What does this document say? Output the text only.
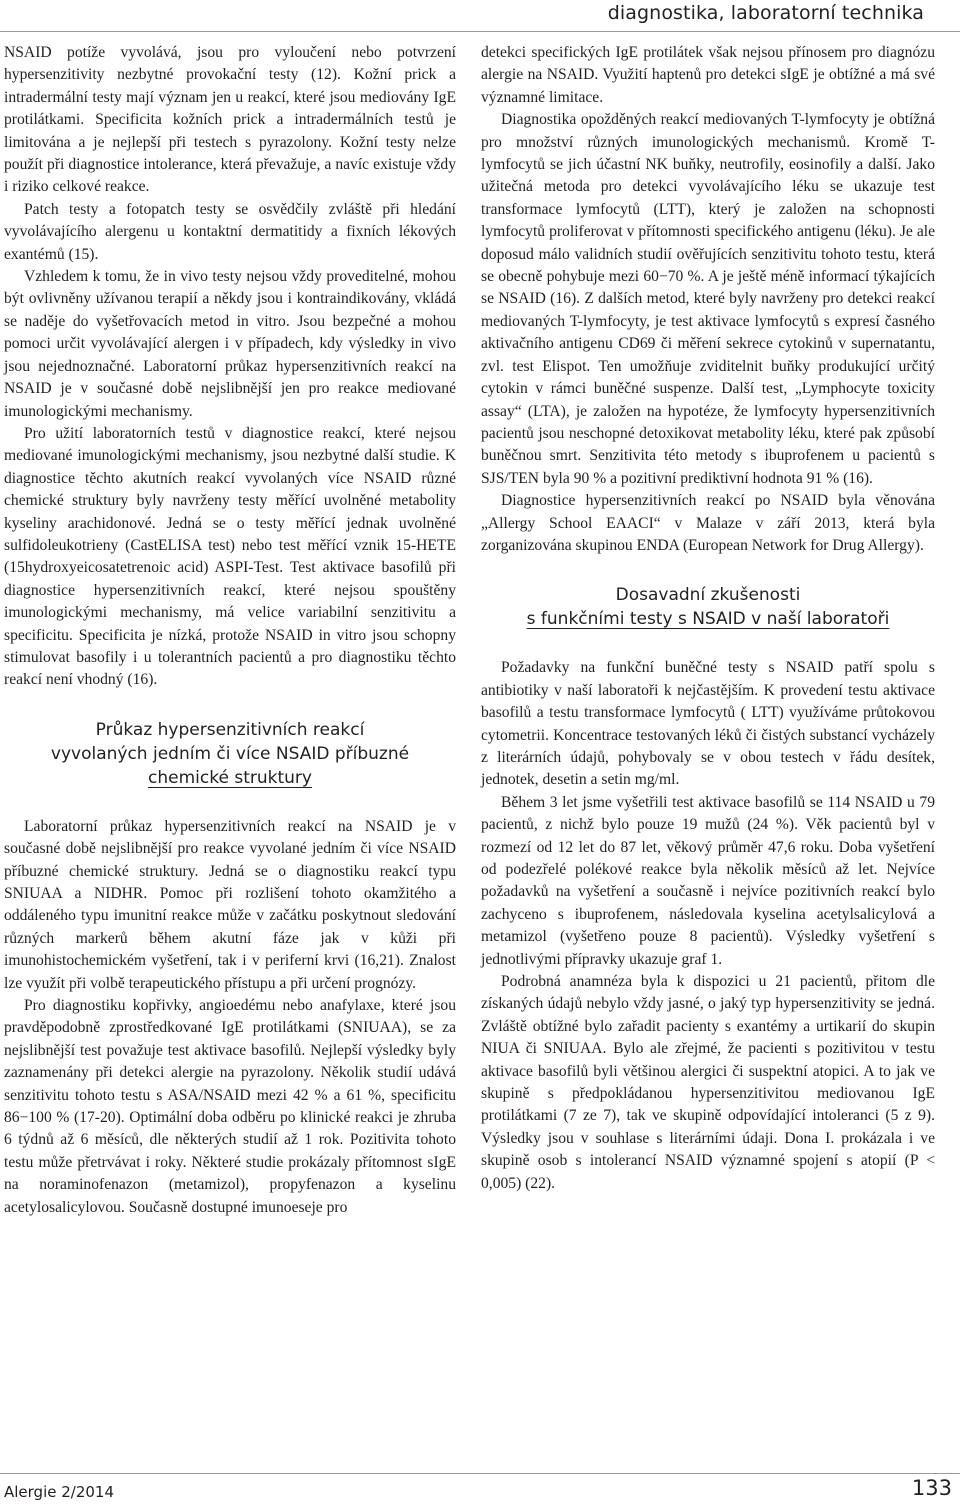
diagnostika, laboratorní technika

NSAID potíže vyvolává, jsou pro vyloučení nebo potvrzení hypersenzitivity nezbytné provokační testy (12). Kožní prick a intradermální testy mají význam jen u reakcí, které jsou mediovány IgE protilátkami. Specificita kožních prick a intradermálních testů je limitována a je nejlepší při testech s pyrazolony. Kožní testy nelze použít při diagnostice intolerance, která převažuje, a navíc existuje vždy i riziko celkové reakce.

Patch testy a fotopatch testy se osvědčily zvláště při hledání vyvolávajícího alergenu u kontaktní dermatitidy a fixních lékových exantémů (15).

Vzhledem k tomu, že in vivo testy nejsou vždy proveditelné, mohou být ovlivněny užívanou terapií a někdy jsou i kontraindikovány, vkládá se naděje do vyšetřovacích metod in vitro. Jsou bezpečné a mohou pomoci určit vyvolávající alergen i v případech, kdy výsledky in vivo jsou nejednoznačné. Laboratorní průkaz hypersenzitivních reakcí na NSAID je v současné době nejslibnější jen pro reakce mediované imunologickými mechanismy.

Pro užití laboratorních testů v diagnostice reakcí, které nejsou mediované imunologickými mechanismy, jsou nezbytné další studie. K diagnostice těchto akutních reakcí vyvolaných více NSAID různé chemické struktury byly navrženy testy měřící uvolněné metabolity kyseliny arachidonové. Jedná se o testy měřící jednak uvolněné sulfidoleukotrieny (CastELISA test) nebo test měřící vznik 15-HETE (15hydroxyeicosatetrenoic acid) ASPI-Test. Test aktivace basofilů při diagnostice hypersenzitivních reakcí, které nejsou spouštěny imunologickými mechanismy, má velice variabilní senzitivitu a specificitu. Specificita je nízká, protože NSAID in vitro jsou schopny stimulovat basofily i u tolerantních pacientů a pro diagnostiku těchto reakcí není vhodný (16).

Průkaz hypersenzitivních reakcí
vyvolaných jedním či více NSAID příbuzné
chemické struktury

Laboratorní průkaz hypersenzitivních reakcí na NSAID je v současné době nejslibnější pro reakce vyvolané jedním či více NSAID příbuzné chemické struktury. Jedná se o diagnostiku reakcí typu SNIUAA a NIDHR. Pomoc při rozlišení tohoto okamžitého a oddáleného typu imunitní reakce může v začátku poskytnout sledování různých markerů během akutní fáze jak v kůži při imunohistochemickém vyšetření, tak i v periferní krvi (16,21). Znalost lze využít při volbě terapeutického přístupu a při určení prognózy.

Pro diagnostiku kopřivky, angioedému nebo anafylaxe, které jsou pravděpodobně zprostředkované IgE protilátkami (SNIUAA), se za nejslibnější test považuje test aktivace basofilů. Nejlepší výsledky byly zaznamenány při detekci alergie na pyrazolony. Několik studií udává senzitivitu tohoto testu s ASA/NSAID mezi 42 % a 61 %, specificitu 86−100 % (17-20). Optimální doba odběru po klinické reakci je zhruba 6 týdnů až 6 měsíců, dle některých studií až 1 rok. Pozitivita tohoto testu může přetrvávat i roky. Některé studie prokázaly přítomnost sIgE na noraminofenazon (metamizol), propyfenazon a kyselinu acetylosalicylovou. Současně dostupné imunoeseje pro

detekci specifických IgE protilátek však nejsou přínosem pro diagnózu alergie na NSAID. Využití haptenů pro detekci sIgE je obtížné a má své významné limitace.

Diagnostika opožděných reakcí mediovaných T-lymfocyty je obtížná pro množství různých imunologických mechanismů. Kromě T-lymfocytů se jich účastní NK buňky, neutrofily, eosinofily a další. Jako užitečná metoda pro detekci vyvolávajícího léku se ukazuje test transformace lymfocytů (LTT), který je založen na schopnosti lymfocytů proliferovat v přítomnosti specifického antigenu (léku). Je ale doposud málo validních studií ověřujících senzitivitu tohoto testu, která se obecně pohybuje mezi 60−70 %. A je ještě méně informací týkajících se NSAID (16). Z dalších metod, které byly navrženy pro detekci reakcí mediovaných T-lymfocyty, je test aktivace lymfocytů s expresí časného aktivačního antigenu CD69 či měření sekrece cytokinů v supernatantu, zvl. test Elispot. Ten umožňuje zviditelnit buňky produkující určitý cytokin v rámci buněčné suspenze. Další test, „Lymphocyte toxicity assay“ (LTA), je založen na hypotéze, že lymfocyty hypersenzitivních pacientů jsou neschopné detoxikovat metabolity léku, které pak způsobí buněčnou smrt. Senzitivita této metody s ibuprofenem u pacientů s SJS/TEN byla 90 % a pozitivní prediktivní hodnota 91 % (16).

Diagnostice hypersenzitivních reakcí po NSAID byla věnována „Allergy School EAACI“ v Malaze v září 2013, která byla zorganizována skupinou ENDA (European Network for Drug Allergy).

Dosavadní zkušenosti
s funkčními testy s NSAID v naší laboratoři

Požadavky na funkční buněčné testy s NSAID patří spolu s antibiotiky v naší laboratoři k nejčastějším. K provedení testu aktivace basofilů a testu transformace lymfocytů ( LTT) využíváme průtokovou cytometrii. Koncentrace testovaných léků či čistých substancí vycházely z literárních údajů, pohybovaly se v obou testech v řádu desítek, jednotek, desetin a setin mg/ml.

Během 3 let jsme vyšetřili test aktivace basofilů se 114 NSAID u 79 pacientů, z nichž bylo pouze 19 mužů (24 %). Věk pacientů byl v rozmezí od 12 let do 87 let, věkový průměr 47,6 roku. Doba vyšetření od podezřelé polékové reakce byla několik měsíců až let. Nejvíce požadavků na vyšetření a současně i nejvíce pozitivních reakcí bylo zachyceno s ibuprofenem, následovala kyselina acetylsalicylová a metamizol (vyšetřeno pouze 8 pacientů). Výsledky vyšetření s jednotlivými přípravky ukazuje graf 1.

Podrobná anamnéza byla k dispozici u 21 pacientů, přitom dle získaných údajů nebylo vždy jasné, o jaký typ hypersenzitivity se jedná. Zvláště obtížné bylo zařadit pacienty s exantémy a urtikarií do skupin NIUA či SNIUAA. Bylo ale zřejmé, že pacienti s pozitivitou v testu aktivace basofilů byli většinou alergici či suspektní atopici. A to jak ve skupině s předpokládanou hypersenzitivitou mediovanou IgE protilátkami (7 ze 7), tak ve skupině odpovídající intoleranci (5 z 9). Výsledky jsou v souhlase s literárními údaji. Dona I. prokázala i ve skupině osob s intolerancí NSAID významné spojení s atopií (P < 0,005) (22).

Alergie 2/2014	133
